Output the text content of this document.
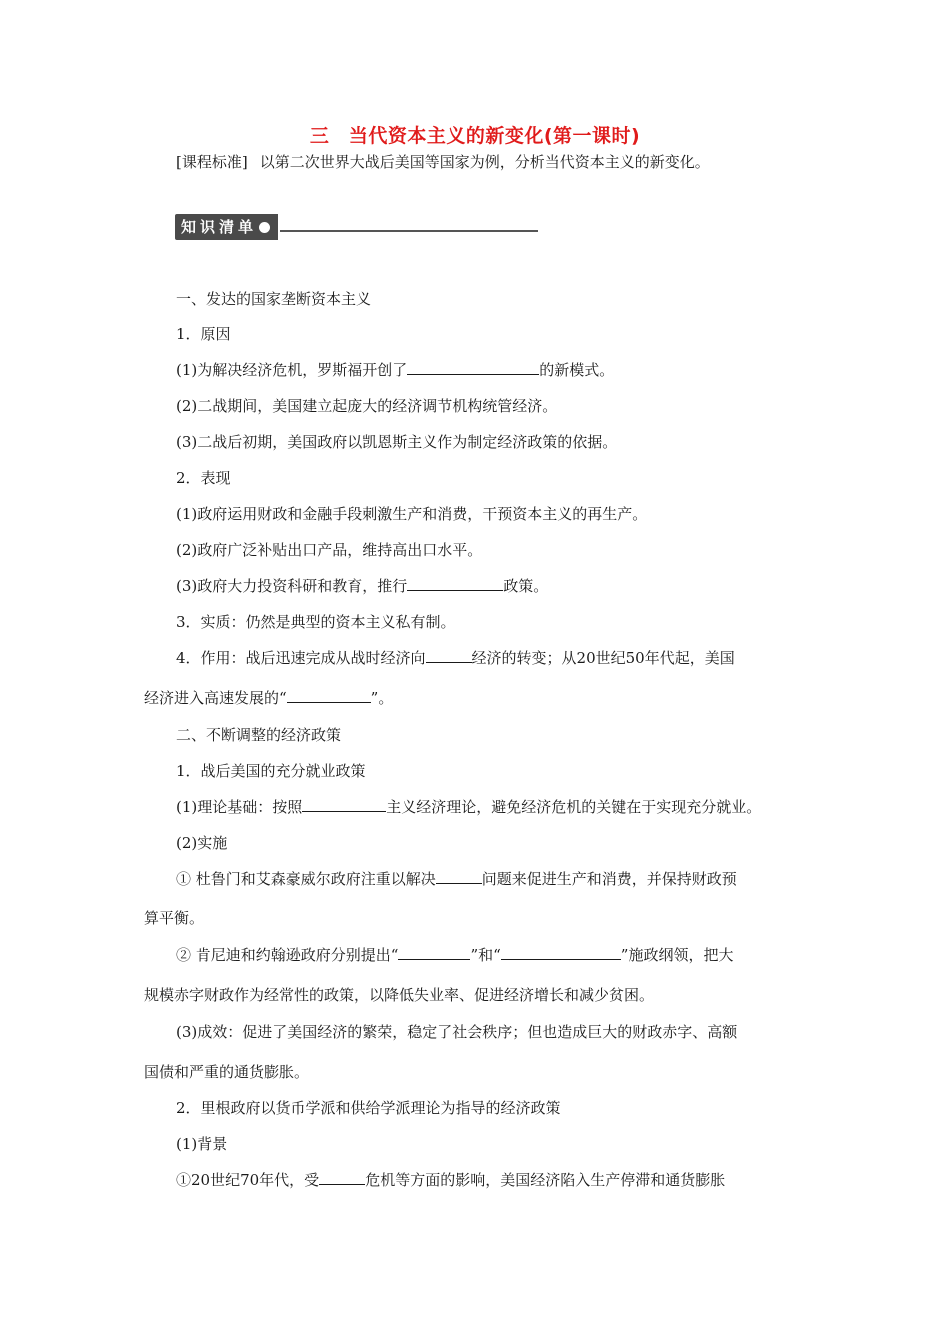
三　当代资本主义的新变化(第一课时)
[课程标准] 以第二次世界大战后美国等国家为例，分析当代资本主义的新变化。
知识清单
一、发达的国家垄断资本主义
1．原因
(1)为解决经济危机，罗斯福开创了	的新模式。
(2)二战期间，美国建立起庞大的经济调节机构统管经济。
(3)二战后初期，美国政府以凯恩斯主义作为制定经济政策的依据。
2．表现
(1)政府运用财政和金融手段刺激生产和消费，干预资本主义的再生产。
(2)政府广泛补贴出口产品，维持高出口水平。
(3)政府大力投资科研和教育，推行	政策。
3．实质：仍然是典型的资本主义私有制。
4．作用：战后迅速完成从战时经济向	经济的转变；从20世纪50年代起，美国
经济进入高速发展的“	”。
二、不断调整的经济政策
1．战后美国的充分就业政策
(1)理论基础：按照	主义经济理论，避免经济危机的关键在于实现充分就业。
(2)实施
① 杜鲁门和艾森豪威尔政府注重以解决	问题来促进生产和消费，并保持财政预
算平衡。
② 肯尼迪和约翰逊政府分别提出“	”和“	”施政纲领，把大
规模赤字财政作为经常性的政策，以降低失业率、促进经济增长和减少贫困。
(3)成效：促进了美国经济的繁荣，稳定了社会秩序；但也造成巨大的财政赤字、高额
国债和严重的通货膨胀。
2．里根政府以货币学派和供给学派理论为指导的经济政策
(1)背景
①20世纪70年代，受	危机等方面的影响，美国经济陷入生产停滞和通货膨胀
